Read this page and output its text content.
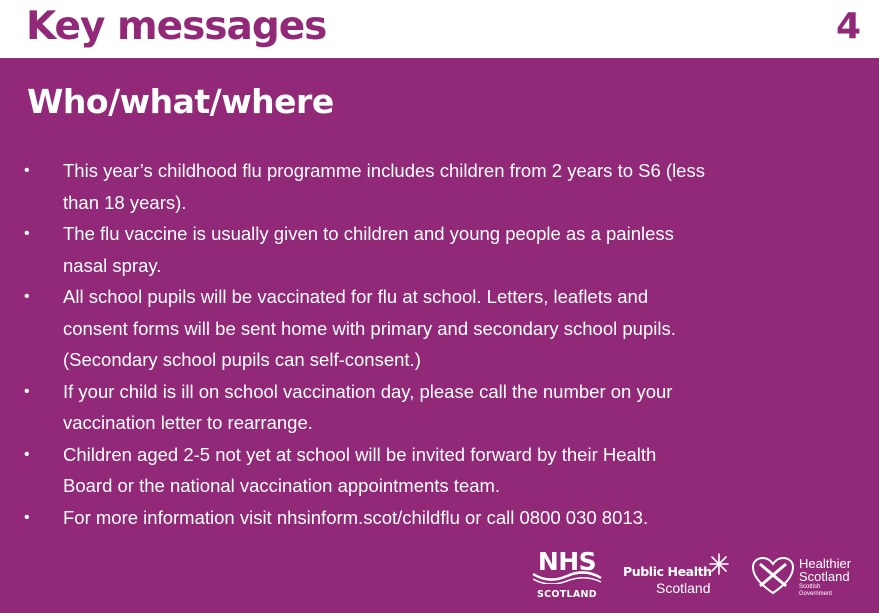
Key messages	4
Who/what/where
• This year’s childhood flu programme includes children from 2 years to S6 (less
than 18 years).
• The flu vaccine is usually given to children and young people as a painless
nasal spray.
• All school pupils will be vaccinated for flu at school. Letters, leaflets and
consent forms will be sent home with primary and secondary school pupils.
(Secondary school pupils can self-consent.)
• If your child is ill on school vaccination day, please call the number on your
vaccination letter to rearrange.
• Children aged 2-5 not yet at school will be invited forward by their Health
Board or the national vaccination appointments team.
• For more information visit nhsinform.scot/childflu or call 0800 030 8013.
NHS
SCOTLAND
Public Health
Scotland
Healthier
Scotland
Scottish
Government
